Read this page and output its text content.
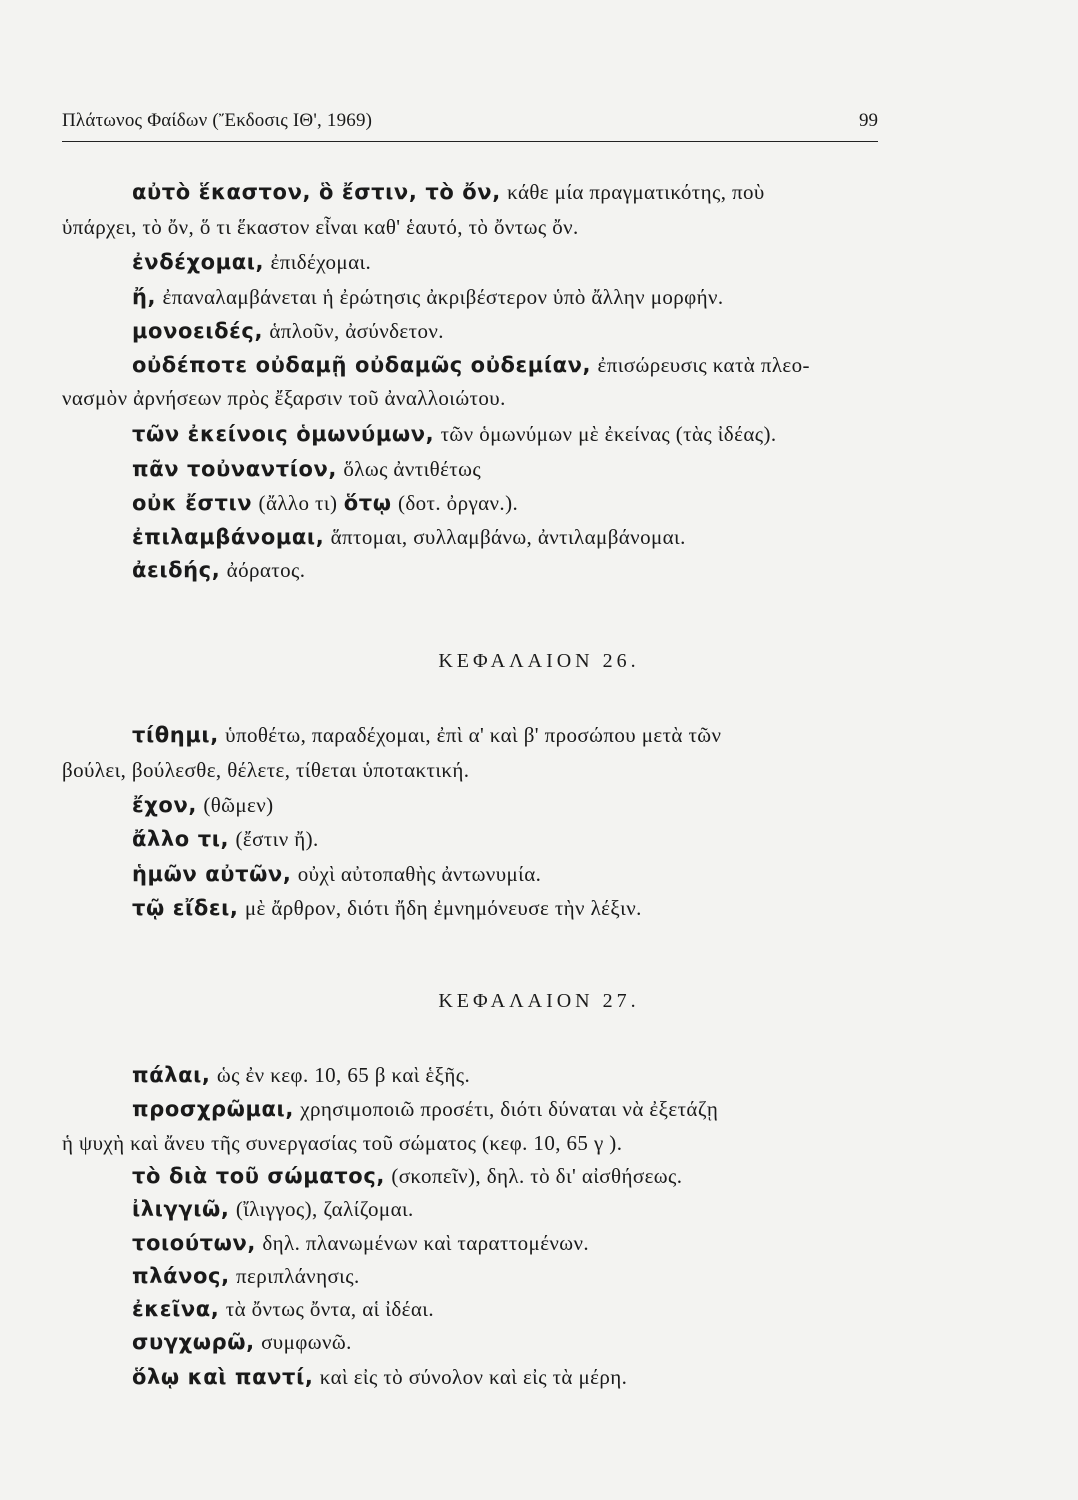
Πλάτωνος Φαίδων (Ἔκδοσις ΙΘ', 1969)	99
αὐτὸ ἕκαστον, ὃ ἔστιν, τὸ ὄν, κάθε μία πραγματικότης, ποὺ
ὑπάρχει, τὸ ὄν, ὅ τι ἕκαστον εἶναι καθ' ἑαυτό, τὸ ὄντως ὄν.
ἐνδέχομαι, ἐπιδέχομαι.
ἤ, ἐπαναλαμβάνεται ἡ ἐρώτησις ἀκριβέστερον ὑπὸ ἄλλην μορφήν.
μονοειδές, ἁπλοῦν, ἀσύνδετον.
οὐδέποτε οὐδαμῇ οὐδαμῶς οὐδεμίαν, ἐπισώρευσις κατὰ πλεο-
νασμὸν ἀρνήσεων πρὸς ἔξαρσιν τοῦ ἀναλλοιώτου.
τῶν ἐκείνοις ὁμωνύμων, τῶν ὁμωνύμων μὲ ἐκείνας (τὰς ἰδέας).
πᾶν τοὐναντίον, ὅλως ἀντιθέτως
οὐκ ἔστιν (ἄλλο τι) ὅτῳ (δοτ. ὀργαν.).
ἐπιλαμβάνομαι, ἅπτομαι, συλλαμβάνω, ἀντιλαμβάνομαι.
ἀειδής, ἀόρατος.
ΚΕΦΑΛΑΙΟΝ 26.
τίθημι, ὑποθέτω, παραδέχομαι, ἐπὶ α' καὶ β' προσώπου μετὰ τῶν
βούλει, βούλεσθε, θέλετε, τίθεται ὑποτακτική.
ἔχον, (θῶμεν)
ἄλλο τι, (ἔστιν ἤ).
ἡμῶν αὐτῶν, οὐχὶ αὐτοπαθὴς ἀντωνυμία.
τῷ εἴδει, μὲ ἄρθρον, διότι ἤδη ἐμνημόνευσε τὴν λέξιν.
ΚΕΦΑΛΑΙΟΝ 27.
πάλαι, ὡς ἐν κεφ. 10, 65 β καὶ ἑξῆς.
προσχρῶμαι, χρησιμοποιῶ προσέτι, διότι δύναται νὰ ἐξετάζῃ
ἡ ψυχὴ καὶ ἄνευ τῆς συνεργασίας τοῦ σώματος (κεφ. 10, 65 γ ).
τὸ διὰ τοῦ σώματος, (σκοπεῖν), δηλ. τὸ δι' αἰσθήσεως.
ἰλιγγιῶ, (ἴλιγγος), ζαλίζομαι.
τοιούτων, δηλ. πλανωμένων καὶ ταραττομένων.
πλάνος, περιπλάνησις.
ἐκεῖνα, τὰ ὄντως ὄντα, αἱ ἰδέαι.
συγχωρῶ, συμφωνῶ.
ὅλῳ καὶ παντί, καὶ εἰς τὸ σύνολον καὶ εἰς τὰ μέρη.
